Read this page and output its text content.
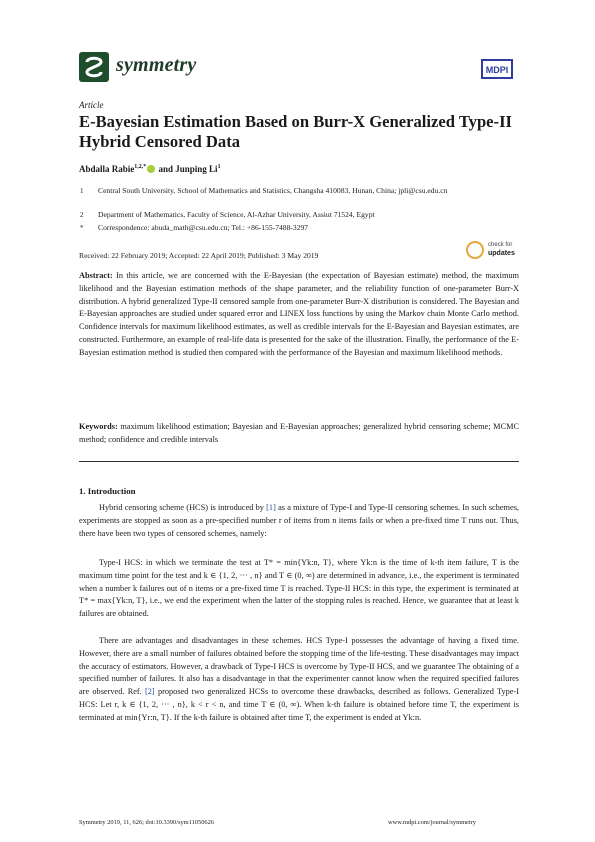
symmetry	MDPI
Article
E-Bayesian Estimation Based on Burr-X Generalized Type-II Hybrid Censored Data
Abdalla Rabie$^{1,2,*}$ and Junping Li$^1$
1 Central South University, School of Mathematics and Statistics, Changsha 410083, Hunan, China; jpli@csu.edu.cn
2 Department of Mathematics, Faculty of Science, Al-Azhar University, Assiut 71524, Egypt
* Correspondence: abuda_math@csu.edu.cn; Tel.: +86-155-7488-3297
Received: 22 February 2019; Accepted: 22 April 2019; Published: 3 May 2019
check for
updates
Abstract: In this article, we are concerned with the E-Bayesian (the expectation of Bayesian estimate) method, the maximum likelihood and the Bayesian estimation methods of the shape parameter, and the reliability function of one-parameter Burr-X distribution. A hybrid generalized Type-II censored sample from one-parameter Burr-X distribution is considered. The Bayesian and E-Bayesian approaches are studied under squared error and LINEX loss functions by using the Markov chain Monte Carlo method. Confidence intervals for maximum likelihood estimates, as well as credible intervals for the E-Bayesian and Bayesian estimates, are constructed. Furthermore, an example of real-life data is presented for the sake of the illustration. Finally, the performance of the E-Bayesian estimation method is studied then compared with the performance of the Bayesian and maximum likelihood methods.
Keywords: maximum likelihood estimation; Bayesian and E-Bayesian approaches; generalized hybrid censoring scheme; MCMC method; confidence and credible intervals
1. Introduction
Hybrid censoring scheme (HCS) is introduced by [1] as a mixture of Type-I and Type-II censoring schemes. In such schemes, experiments are stopped as soon as a pre-specified number r of items from n items fails or when a pre-fixed time T runs out. Thus, there have been two types of censored schemes, namely:
Type-I HCS: in which we terminate the test at T* = min{Yk:n, T}, where Yk:n is the time of k-th item failure, T is the maximum time point for the test and k ∈ {1, 2, ··· , n} and T ∈ (0, ∞) are determined in advance, i.e., the experiment is terminated when a number k failures out of n items or a pre-fixed time T is reached. Type-II HCS: in this type, the experiment is terminated at T* = max{Yk:n, T}, i.e., we end the experiment when the latter of the stopping rules is reached. Hence, we guarantee that at least k failures are obtained.
There are advantages and disadvantages in these schemes. HCS Type-I possesses the advantage of having a fixed time. However, there are a small number of failures obtained before the stopping time of the life-testing. These disadvantages may impact the accuracy of estimators. However, a drawback of Type-I HCS is overcome by Type-II HCS, and we guarantee The obtaining of a specified number of failures. It also has a disadvantage in that the experimenter cannot know when the required specified failures are observed. Ref. [2] proposed two generalized HCSs to overcome these drawbacks, described as follows. Generalized Type-I HCS: Let r, k ∈ {1, 2, ··· , n}, k < r < n, and time T ∈ (0, ∞). When k-th failure is obtained before time T, the experiment is terminated at min{Yr:n, T}. If the k-th failure is obtained after time T, the experiment is ended at Yk:n.
Symmetry 2019, 11, 626; doi:10.3390/sym11050626	www.mdpi.com/journal/symmetry
